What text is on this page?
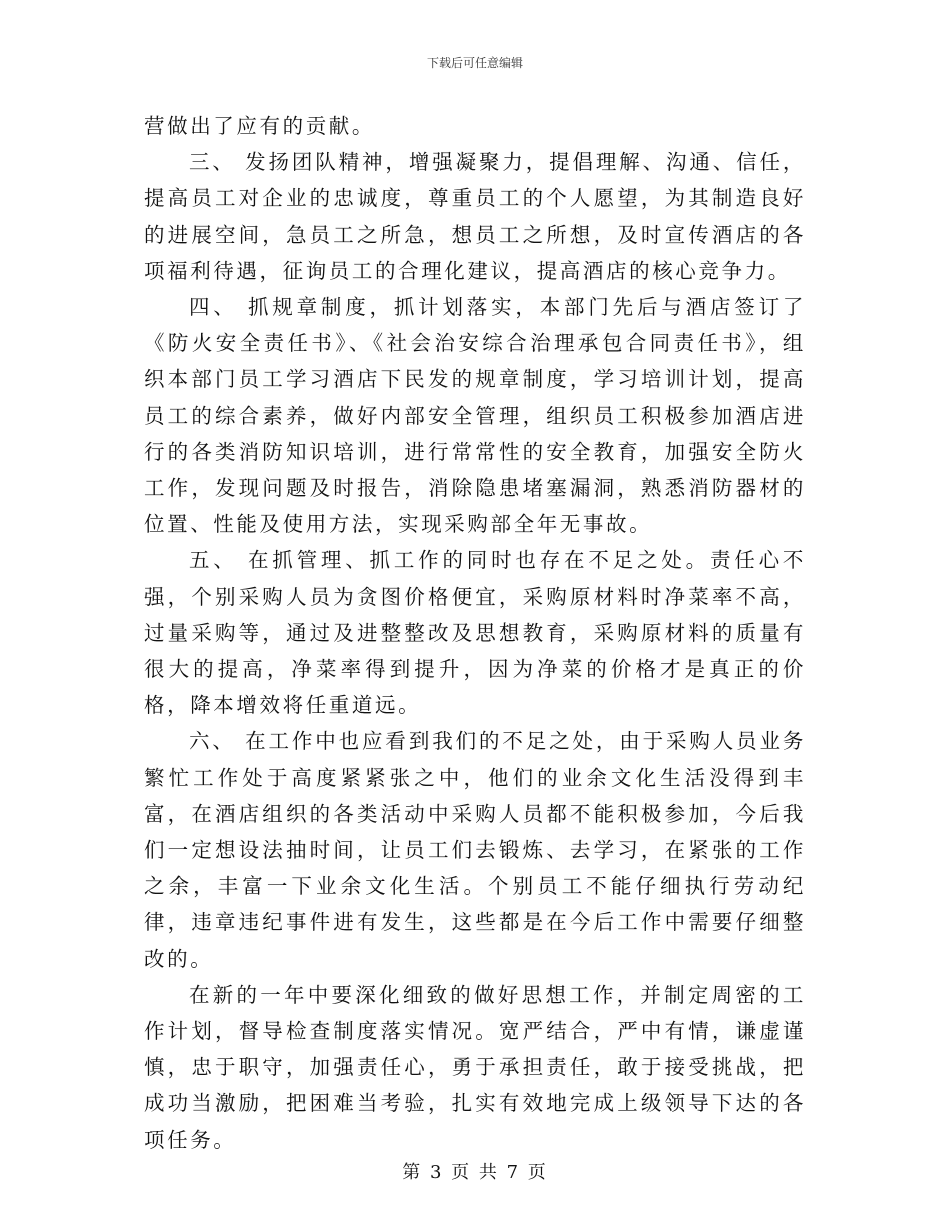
下载后可任意编辑

营做出了应有的贡献。

三、 发扬团队精神，增强凝聚力，提倡理解、沟通、信任，提高员工对企业的忠诚度，尊重员工的个人愿望，为其制造良好的进展空间，急员工之所急，想员工之所想，及时宣传酒店的各项福利待遇，征询员工的合理化建议，提高酒店的核心竞争力。

四、 抓规章制度，抓计划落实，本部门先后与酒店签订了《防火安全责任书》、《社会治安综合治理承包合同责任书》，组织本部门员工学习酒店下民发的规章制度，学习培训计划，提高员工的综合素养，做好内部安全管理，组织员工积极参加酒店进行的各类消防知识培训，进行常常性的安全教育，加强安全防火工作，发现问题及时报告，消除隐患堵塞漏洞，熟悉消防器材的位置、性能及使用方法，实现采购部全年无事故。

五、 在抓管理、抓工作的同时也存在不足之处。责任心不强，个别采购人员为贪图价格便宜，采购原材料时净菜率不高，过量采购等，通过及进整整改及思想教育，采购原材料的质量有很大的提高，净菜率得到提升，因为净菜的价格才是真正的价格，降本增效将任重道远。

六、 在工作中也应看到我们的不足之处，由于采购人员业务繁忙工作处于高度紧紧张之中，他们的业余文化生活没得到丰富，在酒店组织的各类活动中采购人员都不能积极参加，今后我们一定想设法抽时间，让员工们去锻炼、去学习，在紧张的工作之余，丰富一下业余文化生活。个别员工不能仔细执行劳动纪律，违章违纪事件进有发生，这些都是在今后工作中需要仔细整改的。

在新的一年中要深化细致的做好思想工作，并制定周密的工作计划，督导检查制度落实情况。宽严结合，严中有情，谦虚谨慎，忠于职守，加强责任心，勇于承担责任，敢于接受挑战，把成功当激励，把困难当考验，扎实有效地完成上级领导下达的各项任务。

第 3 页 共 7 页
